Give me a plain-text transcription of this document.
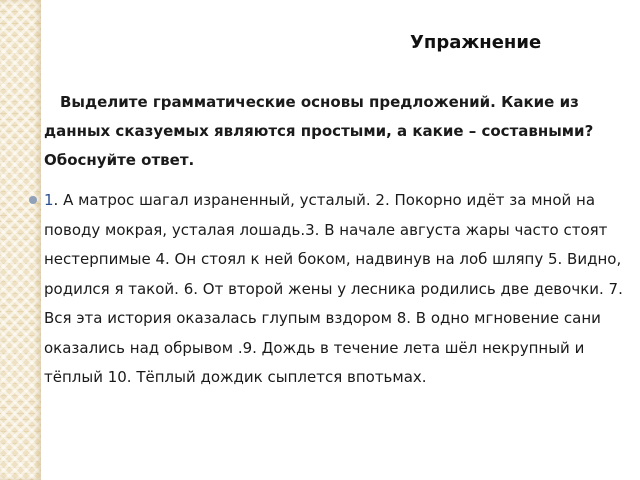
Упражнение

Выделите грамматические основы предложений. Какие из данных сказуемых являются простыми, а какие – составными? Обоснуйте ответ.

1. А матрос шагал израненный, усталый. 2. Покорно идёт за мной на поводу мокрая, усталая лошадь.3. В начале августа жары часто стоят нестерпимые 4. Он стоял к ней боком, надвинув на лоб шляпу 5. Видно, родился я такой. 6. От второй жены у лесника родились две девочки. 7. Вся эта история оказалась глупым вздором 8. В одно мгновение сани оказались над обрывом .9. Дождь в течение лета шёл некрупный и тёплый 10. Тёплый дождик сыплется впотьмах.
